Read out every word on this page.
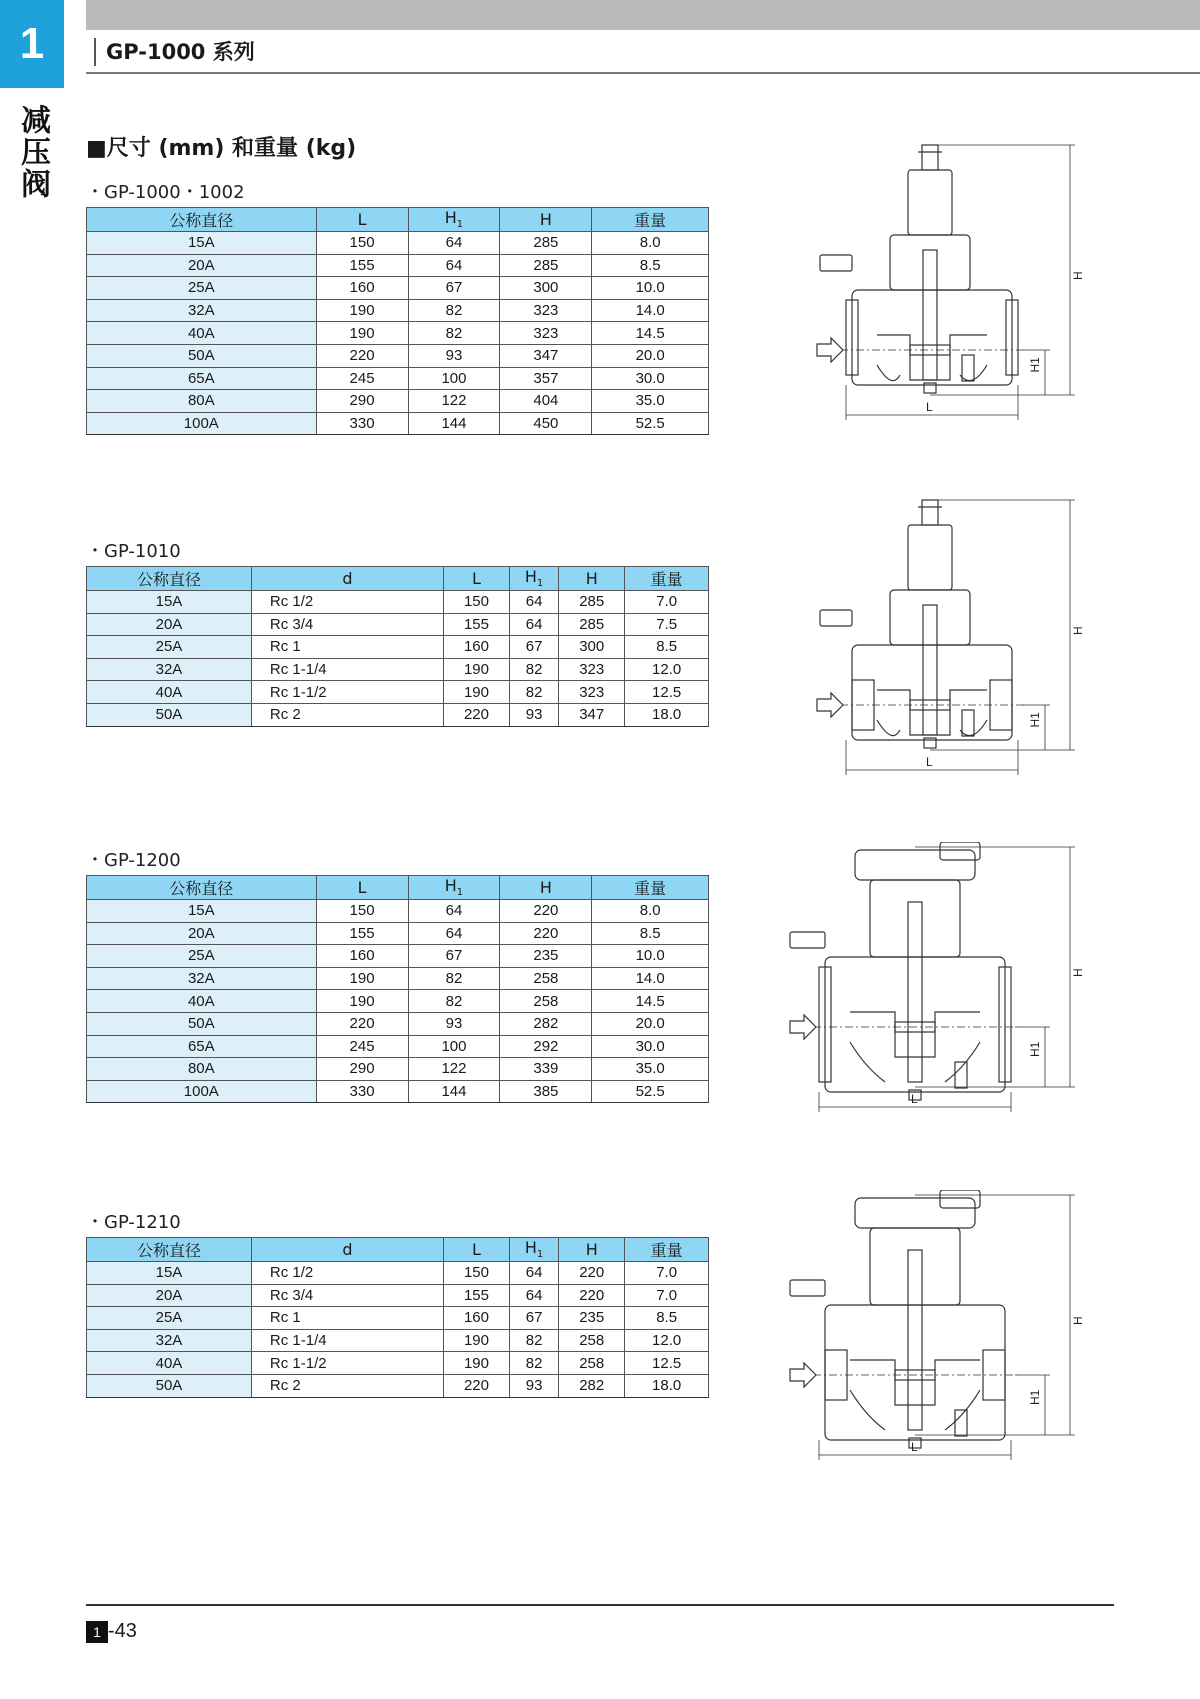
1
减压阀
GP-1000 系列
■尺寸 (mm) 和重量 (kg)
・GP-1000・1002
公称直径	L	$H_1$	H	重量
15A	150	64	285	8.0
20A	155	64	285	8.5
25A	160	67	300	10.0
32A	190	82	323	14.0
40A	190	82	323	14.5
50A	220	93	347	20.0
65A	245	100	357	30.0
80A	290	122	404	35.0
100A	330	144	450	52.5
・GP-1010
公称直径	d	L	$H_1$	H	重量
15A	Rc 1/2	150	64	285	7.0
20A	Rc 3/4	155	64	285	7.5
25A	Rc 1	160	67	300	8.5
32A	Rc 1-1/4	190	82	323	12.0
40A	Rc 1-1/2	190	82	323	12.5
50A	Rc 2	220	93	347	18.0
・GP-1200
公称直径	L	$H_1$	H	重量
15A	150	64	220	8.0
20A	155	64	220	8.5
25A	160	67	235	10.0
32A	190	82	258	14.0
40A	190	82	258	14.5
50A	220	93	282	20.0
65A	245	100	292	30.0
80A	290	122	339	35.0
100A	330	144	385	52.5
・GP-1210
公称直径	d	L	$H_1$	H	重量
15A	Rc 1/2	150	64	220	7.0
20A	Rc 3/4	155	64	220	7.0
25A	Rc 1	160	67	235	8.5
32A	Rc 1-1/4	190	82	258	12.0
40A	Rc 1-1/2	190	82	258	12.5
50A	Rc 2	220	93	282	18.0
H
H1
L
H
H1
L
H
H1
L
H
H1
L
1 -43
